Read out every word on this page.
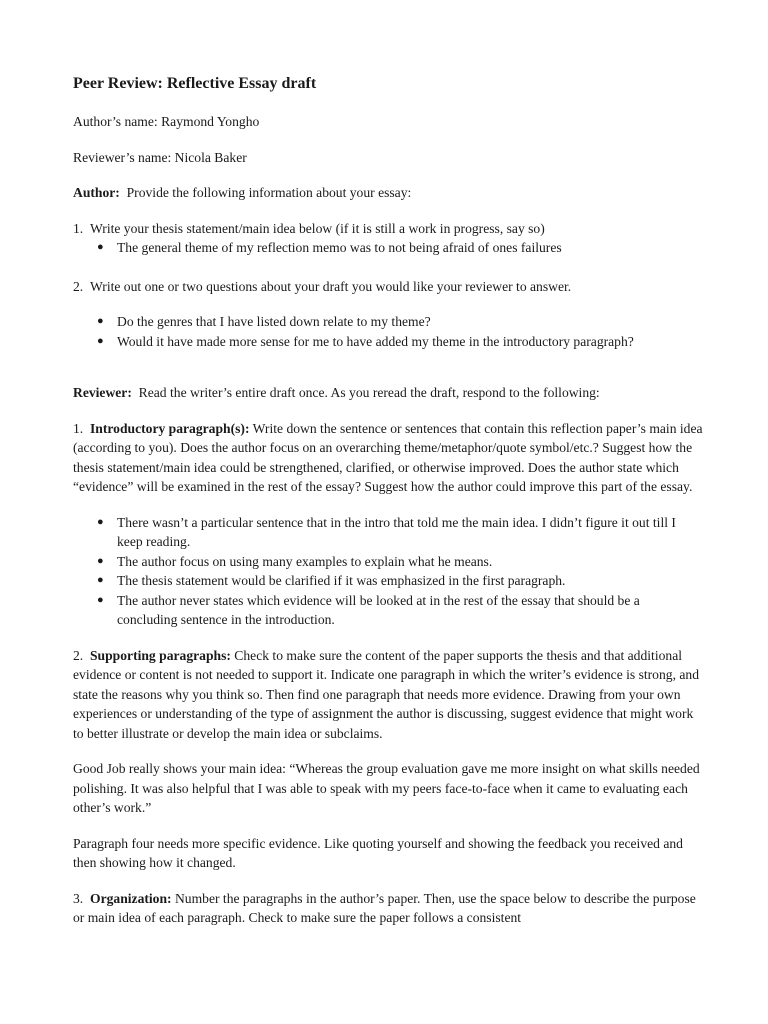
Peer Review: Reflective Essay draft

Author’s name: Raymond Yongho

Reviewer’s name: Nicola Baker

Author: Provide the following information about your essay:

1. Write your thesis statement/main idea below (if it is still a work in progress, say so)

● The general theme of my reflection memo was to not being afraid of ones failures

2. Write out one or two questions about your draft you would like your reviewer to answer.

● Do the genres that I have listed down relate to my theme?
● Would it have made more sense for me to have added my theme in the introductory paragraph?

Reviewer: Read the writer’s entire draft once. As you reread the draft, respond to the following:

1. Introductory paragraph(s): Write down the sentence or sentences that contain this reflection paper’s main idea (according to you). Does the author focus on an overarching theme/metaphor/quote symbol/etc.? Suggest how the thesis statement/main idea could be strengthened, clarified, or otherwise improved. Does the author state which “evidence” will be examined in the rest of the essay? Suggest how the author could improve this part of the essay.

● There wasn’t a particular sentence that in the intro that told me the main idea. I didn’t figure it out till I keep reading.
● The author focus on using many examples to explain what he means.
● The thesis statement would be clarified if it was emphasized in the first paragraph.
● The author never states which evidence will be looked at in the rest of the essay that should be a concluding sentence in the introduction.

2. Supporting paragraphs: Check to make sure the content of the paper supports the thesis and that additional evidence or content is not needed to support it. Indicate one paragraph in which the writer’s evidence is strong, and state the reasons why you think so. Then find one paragraph that needs more evidence. Drawing from your own experiences or understanding of the type of assignment the author is discussing, suggest evidence that might work to better illustrate or develop the main idea or subclaims.

Good Job really shows your main idea: “Whereas the group evaluation gave me more insight on what skills needed polishing. It was also helpful that I was able to speak with my peers face-to-face when it came to evaluating each other’s work.”

Paragraph four needs more specific evidence. Like quoting yourself and showing the feedback you received and then showing how it changed.

3. Organization: Number the paragraphs in the author’s paper. Then, use the space below to describe the purpose or main idea of each paragraph. Check to make sure the paper follows a consistent
